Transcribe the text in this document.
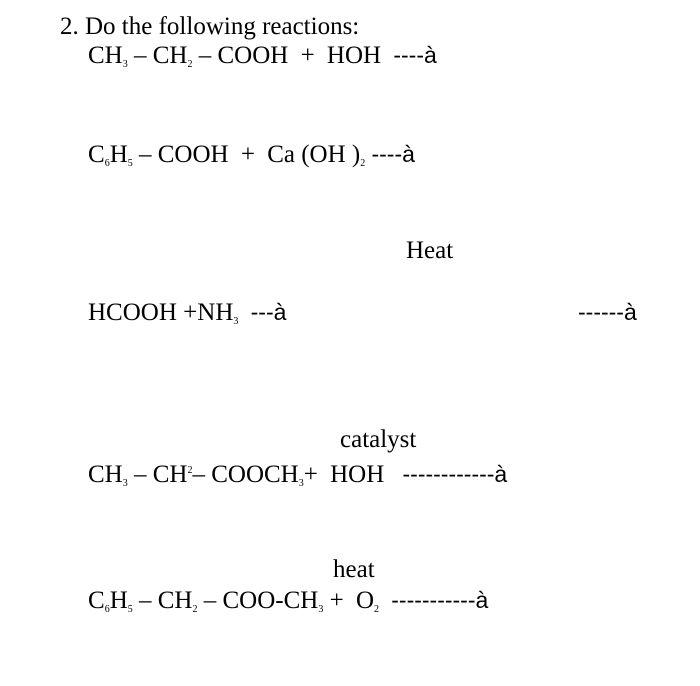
2. Do the following reactions:
$CH_3 - CH_2$ – COOH + HOH ----à
$C_6H_5$ – COOH + Ca (OH )$_2$ ----à
Heat
HCOOH $+NH_3$ ---à	------à
catalyst
$CH_3 - CH^2-$ $COOCH_3+$ HOH ------------à
heat
$C_6H_5 - CH_2 - COO-CH_3 + O_2$ -----------à
